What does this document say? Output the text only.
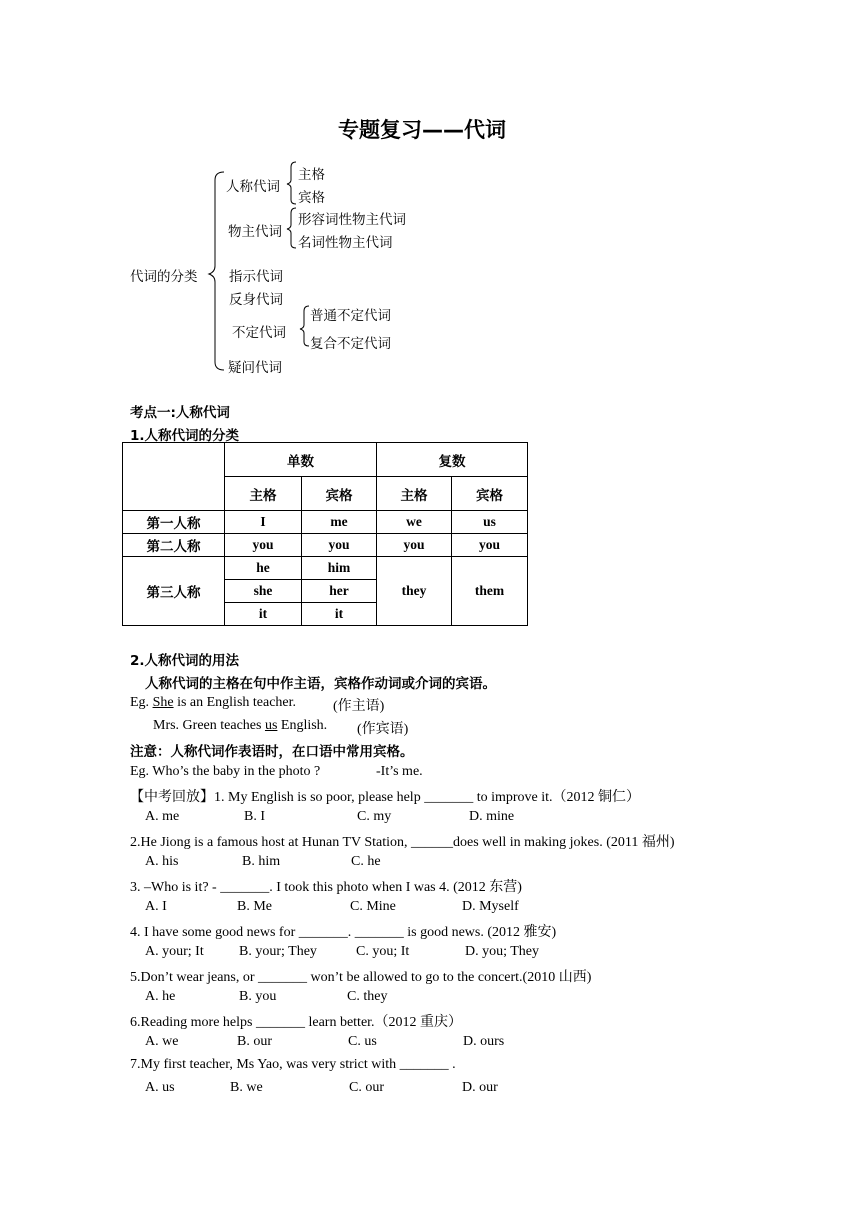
专题复习——代词
代词的分类
人称代词
主格
宾格
物主代词
形容词性物主代词
名词性物主代词
指示代词
反身代词
不定代词
普通不定代词
复合不定代词
疑问代词
考点一:人称代词
1.人称代词的分类
	单数		复数	
	主格	宾格	主格	宾格
第一人称	I	me	we	us
第二人称	you	you	you	you
第三人称	he	him	they	them
	she	her		
	it	it		
2.人称代词的用法
人称代词的主格在句中作主语，宾格作动词或介词的宾语。
Eg. She is an English teacher.	(作主语)
Mrs. Green teaches us English. (作宾语)
注意：人称代词作表语时，在口语中常用宾格。
Eg. Who’s the baby in the photo ?	-It’s me.
【中考回放】1. My English is so poor, please help _______ to improve it.（2012 铜仁）
A. me	B. I	C. my	D. mine
2.He Jiong is a famous host at Hunan TV Station, ______does well in making jokes. (2011 福州)
A. his	B. him	C. he
3. –Who is it? - _______. I took this photo when I was 4. (2012 东营)
A. I	B. Me	C. Mine	D. Myself
4. I have some good news for _______. _______ is good news. (2012 雅安)
A. your; It	B. your; They	C. you; It	D. you; They
5.Don’t wear jeans, or _______ won’t be allowed to go to the concert.(2010 山西)
A. he	B. you	C. they
6.Reading more helps _______ learn better.（2012 重庆）
A. we	B. our	C. us	D. ours
7.My first teacher, Ms Yao, was very strict with _______ .
A. us	B. we	C. our	D. our
